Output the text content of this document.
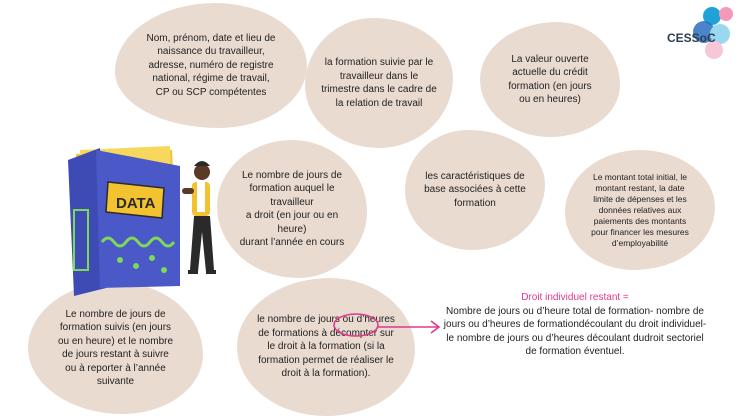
CESSoC
Nom, prénom, date et lieu de
naissance du travailleur,
adresse, numéro de registre
national, régime de travail,
CP ou SCP compétentes
la formation suivie par le
travailleur dans le
trimestre dans le cadre de
la relation de travail
La valeur ouverte
actuelle du crédit
formation (en jours
ou en heures)
Le nombre de jours de
formation auquel le travailleur
a droit (en jour ou en heure)
durant l’année en cours
les caractéristiques de
base associées à cette
formation
Le montant total initial, le
montant restant, la date
limite de dépenses et les
données relatives aux
paiements des montants
pour financer les mesures
d’employabilité
Le nombre de jours de
formation suivis (en jours
ou en heure) et le nombre
de jours restant à suivre
ou à reporter à l’année
suivante
le nombre de jours ou d’heures
de formations à décompter sur
le droit à la formation (si la
formation permet de réaliser le
droit à la formation).
Droit individuel restant =
Nombre de jours ou d’heure total de formation- nombre de jours ou d’heures de formationdécoulant du droit individuel- le nombre de jours ou d’heures découlant dudroit sectoriel de formation éventuel.
DATA
